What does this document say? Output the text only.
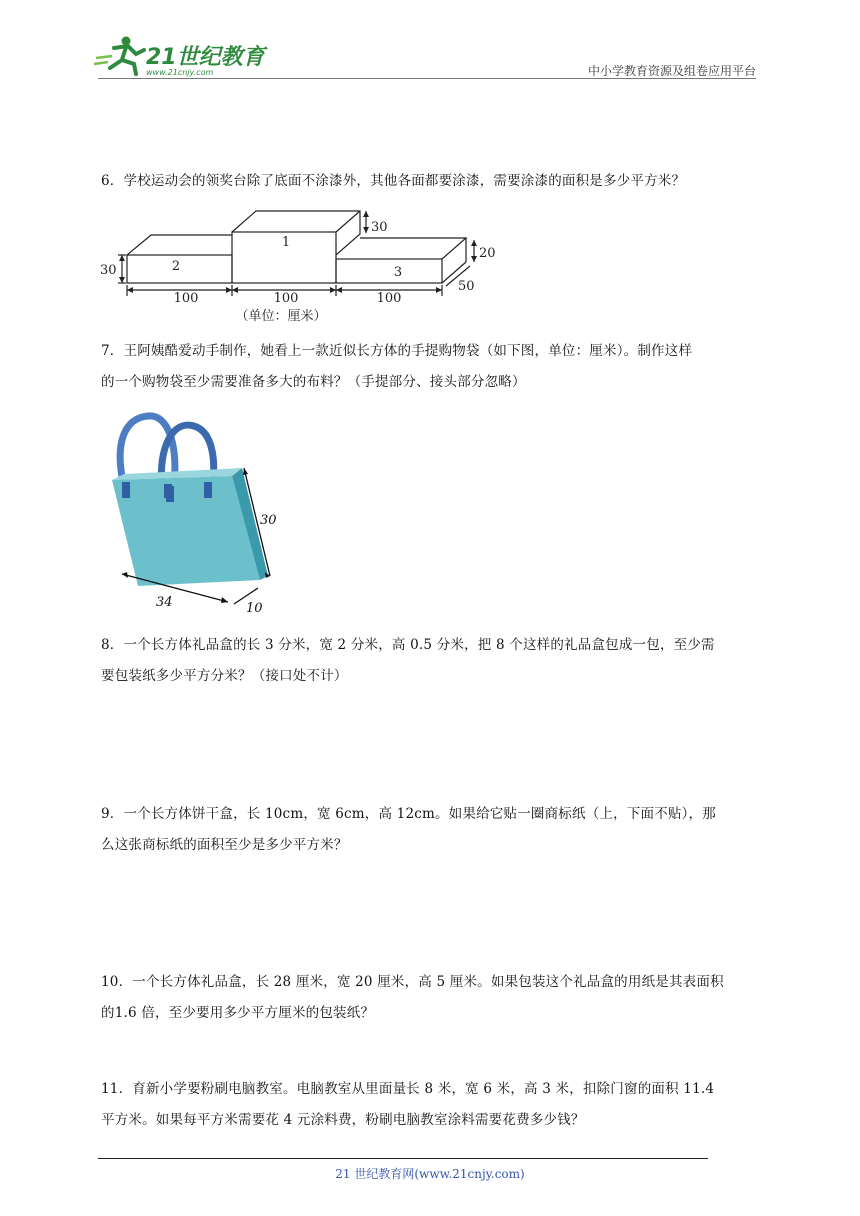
21世纪教育
www.21cnjy.com	中小学教育资源及组卷应用平台

6．学校运动会的领奖台除了底面不涂漆外，其他各面都要涂漆，需要涂漆的面积是多少平方米？

2
1
3
30
30
20
50
100	100	100
（单位：厘米）

7．王阿姨酷爱动手制作，她看上一款近似长方体的手提购物袋（如下图，单位：厘米）。制作这样

的一个购物袋至少需要准备多大的布料？（手提部分、接头部分忽略）

30
34	10

8．一个长方体礼品盒的长 3 分米，宽 2 分米，高 0.5 分米，把 8 个这样的礼品盒包成一包，至少需

要包装纸多少平方分米？（接口处不计）

9．一个长方体饼干盒，长 10cm，宽 6cm，高 12cm。如果给它贴一圈商标纸（上，下面不贴），那

么这张商标纸的面积至少是多少平方米？

10．一个长方体礼品盒，长 28 厘米，宽 20 厘米，高 5 厘米。如果包装这个礼品盒的用纸是其表面积

的1.6 倍，至少要用多少平方厘米的包装纸？

11．育新小学要粉刷电脑教室。电脑教室从里面量长 8 米，宽 6 米，高 3 米，扣除门窗的面积 11.4

平方米。如果每平方米需要花 4 元涂料费，粉刷电脑教室涂料需要花费多少钱？

21 世纪教育网(www.21cnjy.com)
